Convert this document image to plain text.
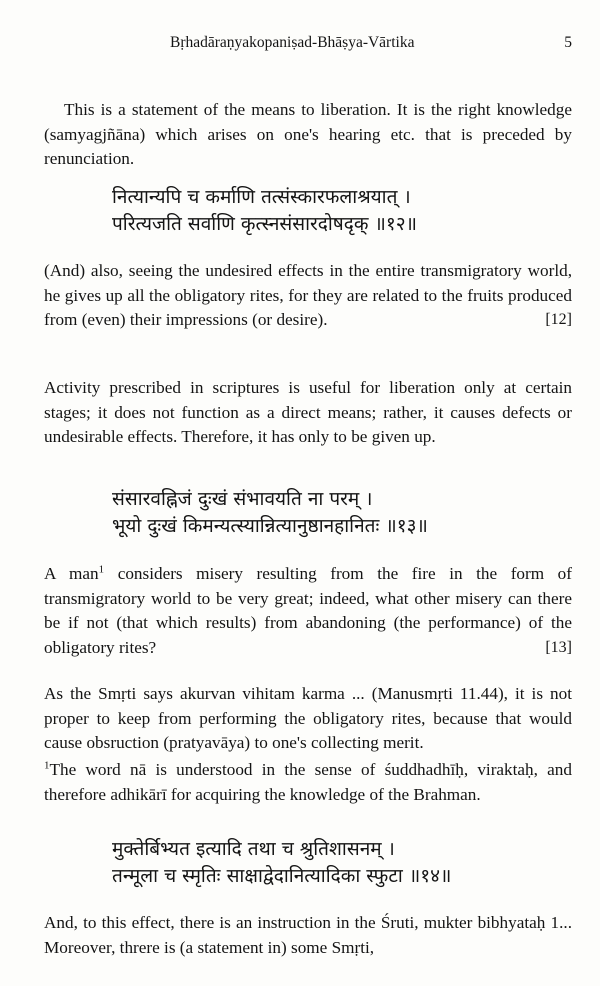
Bṛhadāraṇyakopaniṣad-Bhāṣya-Vārtika	5

This is a statement of the means to liberation. It is the right knowledge (samyagjñāna) which arises on one's hearing etc. that is preceded by renunciation.

नित्यान्यपि च कर्माणि तत्संस्कारफलाश्रयात् ।
परित्यजति सर्वाणि कृत्स्नसंसारदोषदृक् ॥१२॥

(And) also, seeing the undesired effects in the entire transmigratory world, he gives up all the obligatory rites, for they are related to the fruits produced from (even) their impressions (or desire).	[12]

Activity prescribed in scriptures is useful for liberation only at certain stages; it does not function as a direct means; rather, it causes defects or undesirable effects. Therefore, it has only to be given up.

संसारवह्निजं दुःखं संभावयति ना परम् ।
भूयो दुःखं किमन्यत्स्यान्नित्यानुष्ठानहानितः ॥१३॥

A man$^1$ considers misery resulting from the fire in the form of transmigratory world to be very great; indeed, what other misery can there be if not (that which results) from abandoning (the performance) of the obligatory rites?	[13]

As the Smṛti says akurvan vihitam karma ... (Manusmṛti 11.44), it is not proper to keep from performing the obligatory rites, because that would cause obsruction (pratyavāya) to one's collecting merit.

$^1$The word nā is understood in the sense of śuddhadhīḥ, viraktaḥ, and therefore adhikārī for acquiring the knowledge of the Brahman.

मुक्तेर्बिभ्यत इत्यादि तथा च श्रुतिशासनम् ।
तन्मूला च स्मृतिः साक्षाद्वेदानित्यादिका स्फुटा ॥१४॥

And, to this effect, there is an instruction in the Śruti, mukter bibhyataḥ 1... Moreover, threre is (a statement in) some Smṛti,
